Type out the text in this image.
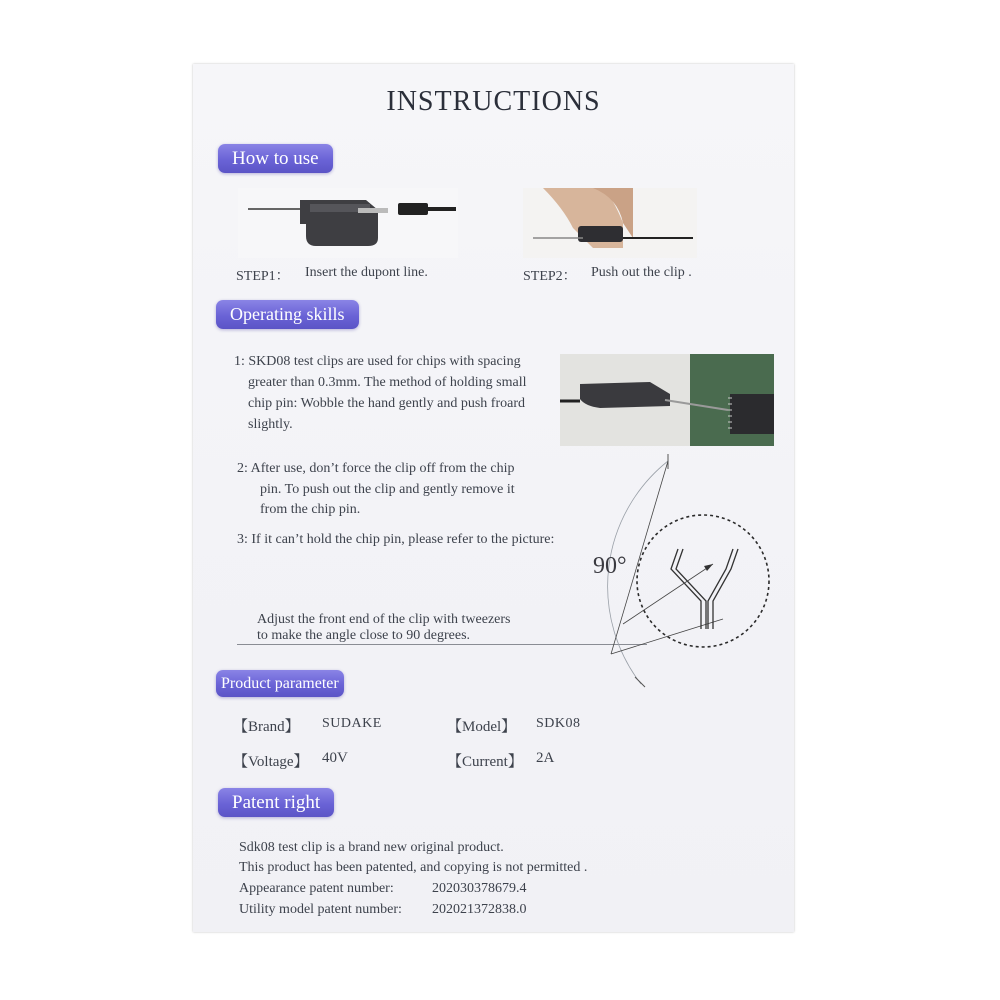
INSTRUCTIONS
How to use
STEP1： Insert the dupont line.	STEP2： Push out the clip .
Operating skills
1: SKD08 test clips are used for chips with spacing
greater than 0.3mm. The method of holding small
chip pin: Wobble the hand gently and push froard
slightly.
2: After use, don’t force the clip off from the chip
pin. To push out the clip and gently remove it
from the chip pin.
3: If it can’t hold the chip pin, please refer to the picture:
Adjust the front end of the clip with tweezers
to make the angle close to 90 degrees.
90°
Product parameter
【Brand】 SUDAKE	【Model】 SDK08
【Voltage】 40V	【Current】 2A
Patent right
Sdk08 test clip is a brand new original product.
This product has been patented, and copying is not permitted .
Appearance patent number:	202030378679.4
Utility model patent number: 202021372838.0
